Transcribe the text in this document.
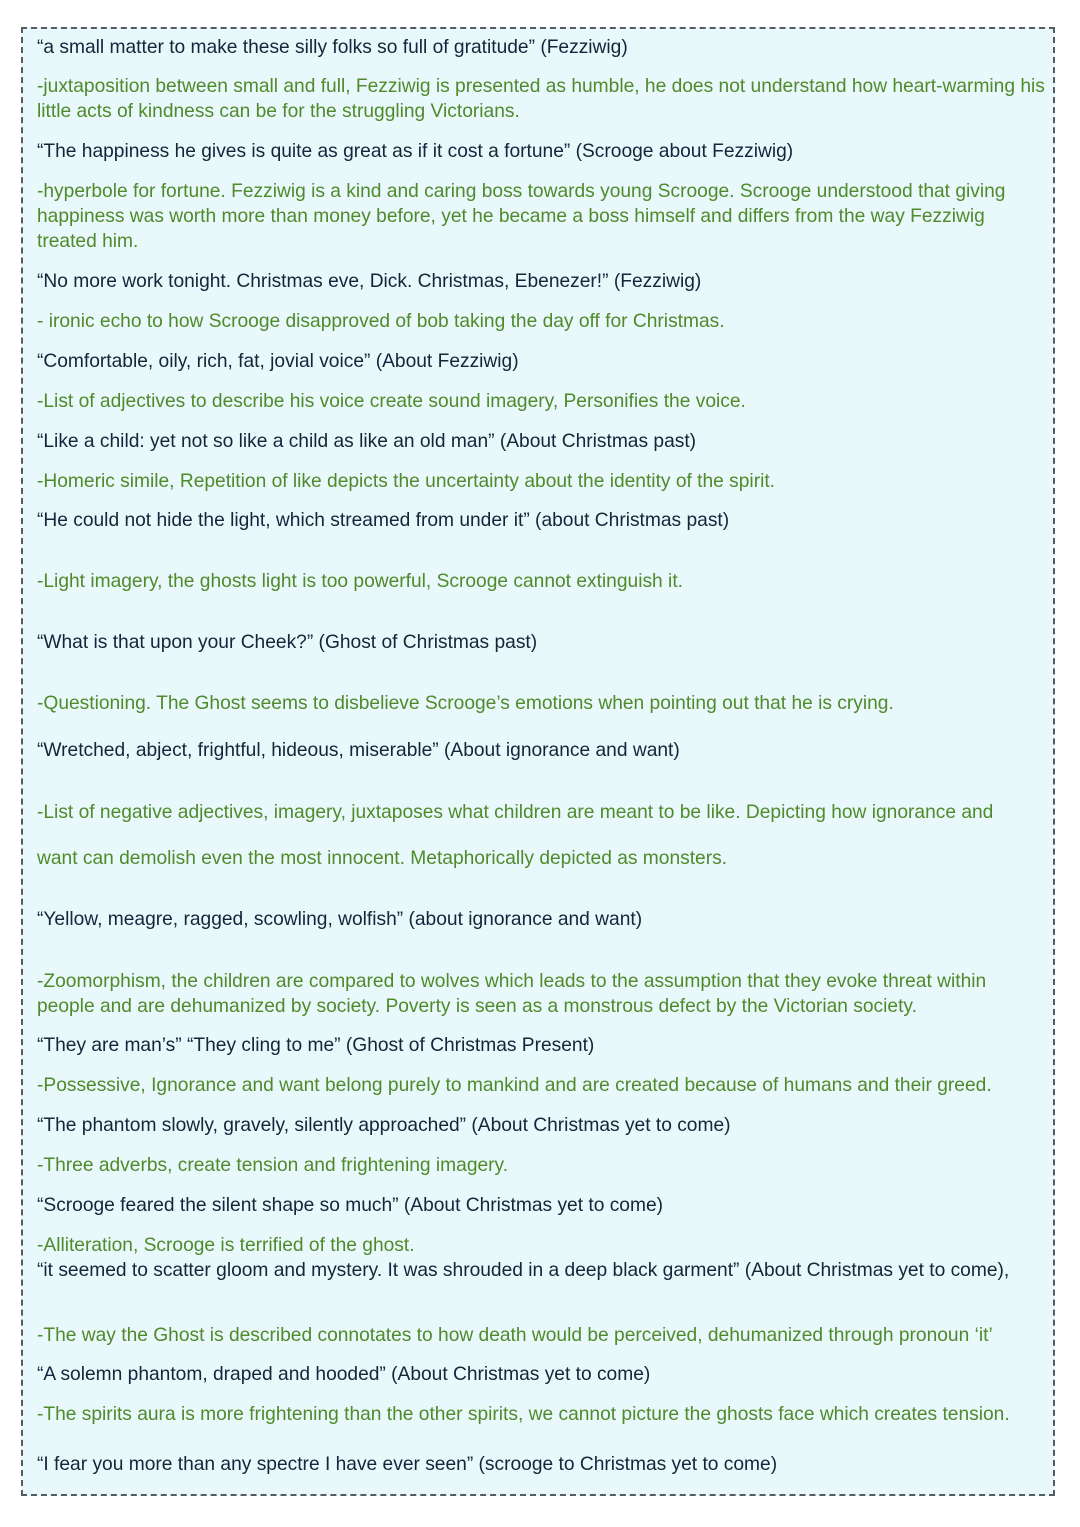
“a small matter to make these silly folks so full of gratitude” (Fezziwig)

-juxtaposition between small and full, Fezziwig is presented as humble, he does not understand how heart-warming his little acts of kindness can be for the struggling Victorians.

“The happiness he gives is quite as great as if it cost a fortune” (Scrooge about Fezziwig)

-hyperbole for fortune. Fezziwig is a kind and caring boss towards young Scrooge. Scrooge understood that giving happiness was worth more than money before, yet he became a boss himself and differs from the way Fezziwig treated him.

“No more work tonight. Christmas eve, Dick. Christmas, Ebenezer!” (Fezziwig)

- ironic echo to how Scrooge disapproved of bob taking the day off for Christmas.

“Comfortable, oily, rich, fat, jovial voice” (About Fezziwig)

-List of adjectives to describe his voice create sound imagery, Personifies the voice.

“Like a child: yet not so like a child as like an old man” (About Christmas past)

-Homeric simile, Repetition of like depicts the uncertainty about the identity of the spirit.

“He could not hide the light, which streamed from under it” (about Christmas past)

-Light imagery, the ghosts light is too powerful, Scrooge cannot extinguish it.

“What is that upon your Cheek?” (Ghost of Christmas past)

-Questioning. The Ghost seems to disbelieve Scrooge’s emotions when pointing out that he is crying.

“Wretched, abject, frightful, hideous, miserable” (About ignorance and want)

-List of negative adjectives, imagery, juxtaposes what children are meant to be like. Depicting how ignorance and

want can demolish even the most innocent. Metaphorically depicted as monsters.

“Yellow, meagre, ragged, scowling, wolfish” (about ignorance and want)

-Zoomorphism, the children are compared to wolves which leads to the assumption that they evoke threat within people and are dehumanized by society. Poverty is seen as a monstrous defect by the Victorian society.

“They are man’s” “They cling to me” (Ghost of Christmas Present)

-Possessive, Ignorance and want belong purely to mankind and are created because of humans and their greed.

“The phantom slowly, gravely, silently approached” (About Christmas yet to come)

-Three adverbs, create tension and frightening imagery.

“Scrooge feared the silent shape so much” (About Christmas yet to come)

-Alliteration, Scrooge is terrified of the ghost.

“it seemed to scatter gloom and mystery. It was shrouded in a deep black garment” (About Christmas yet to come),

-The way the Ghost is described connotates to how death would be perceived, dehumanized through pronoun ‘it’

“A solemn phantom, draped and hooded” (About Christmas yet to come)

-The spirits aura is more frightening than the other spirits, we cannot picture the ghosts face which creates tension.

“I fear you more than any spectre I have ever seen” (scrooge to Christmas yet to come)
